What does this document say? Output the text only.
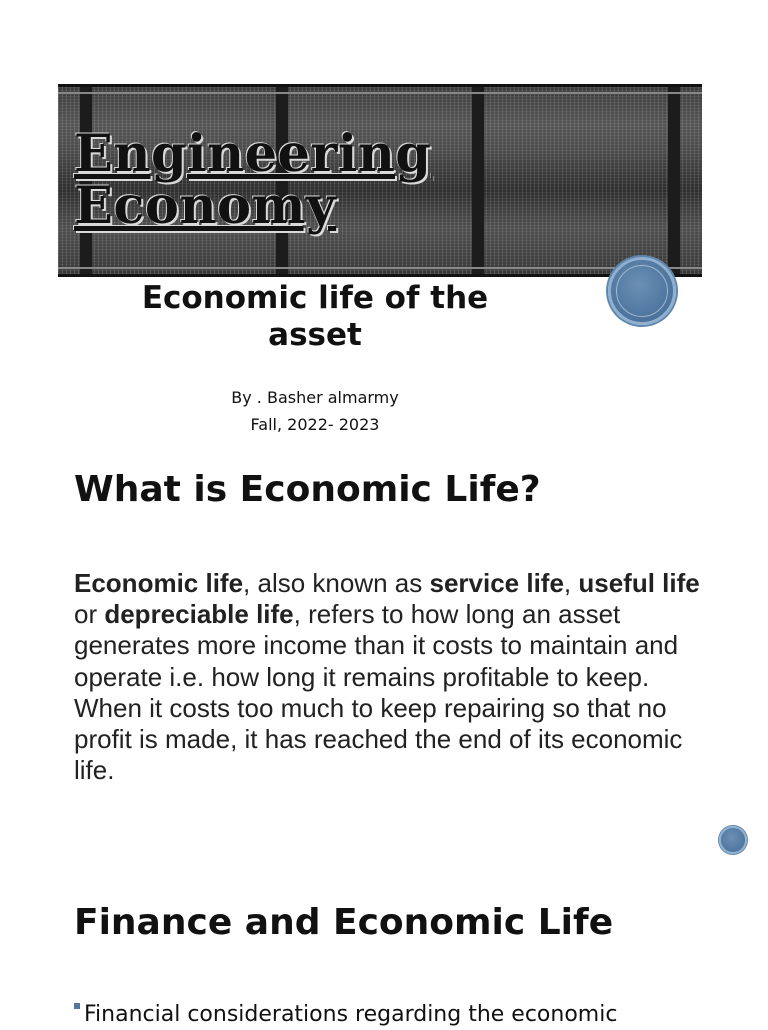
Engineering
Economy
Economic life of the
asset
By . Basher almarmy
Fall, 2022- 2023
What is Economic Life?

Economic life, also known as service life, useful life or depreciable life, refers to how long an asset generates more income than it costs to maintain and operate i.e. how long it remains profitable to keep. When it costs too much to keep repairing so that no profit is made, it has reached the end of its economic life.

Finance and Economic Life
Financial considerations regarding the economic
